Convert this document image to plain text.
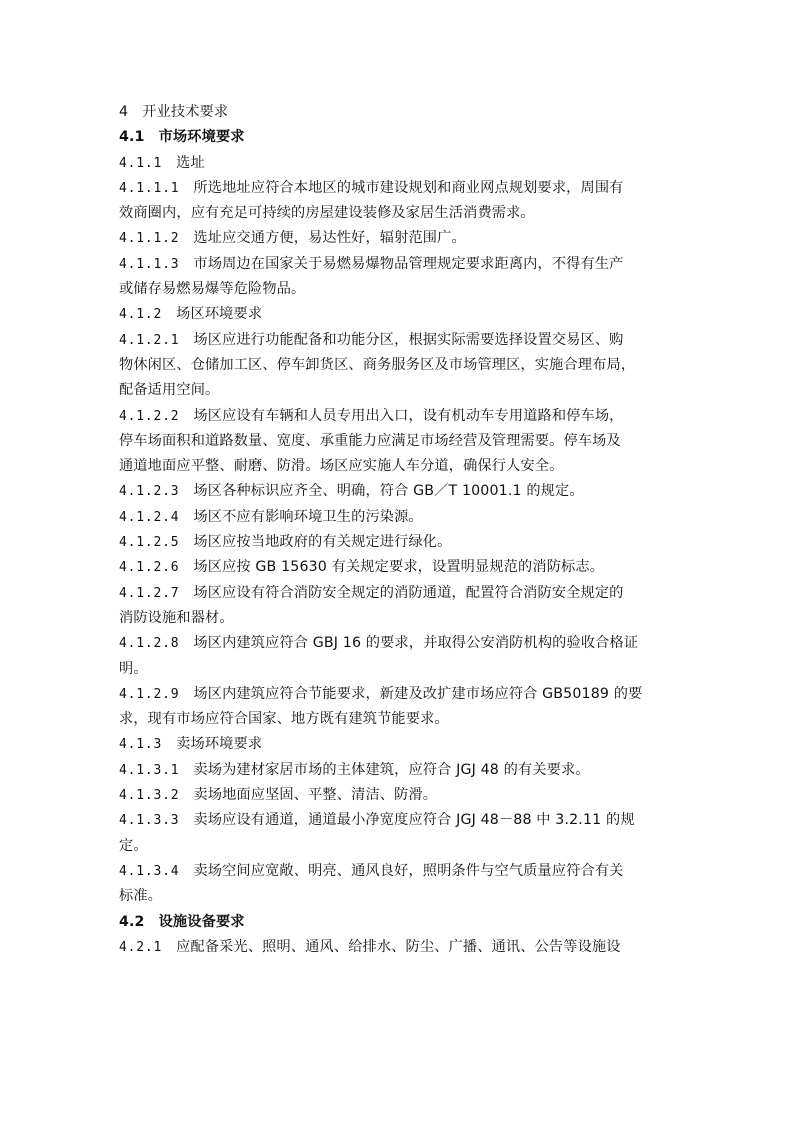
4 开业技术要求

4.1 市场环境要求

4.1.1 选址

4.1.1.1 所选地址应符合本地区的城市建设规划和商业网点规划要求，周围有

效商圈内，应有充足可持续的房屋建设装修及家居生活消费需求。

4.1.1.2 选址应交通方便，易达性好，辐射范围广。

4.1.1.3 市场周边在国家关于易燃易爆物品管理规定要求距离内，不得有生产

或储存易燃易爆等危险物品。

4.1.2 场区环境要求

4.1.2.1 场区应进行功能配备和功能分区，根据实际需要选择设置交易区、购

物休闲区、仓储加工区、停车卸货区、商务服务区及市场管理区，实施合理布局，

配备适用空间。

4.1.2.2 场区应设有车辆和人员专用出入口，设有机动车专用道路和停车场，

停车场面积和道路数量、宽度、承重能力应满足市场经营及管理需要。停车场及

通道地面应平整、耐磨、防滑。场区应实施人车分道，确保行人安全。

4.1.2.3 场区各种标识应齐全、明确，符合 GB／T 10001.1 的规定。

4.1.2.4 场区不应有影响环境卫生的污染源。

4.1.2.5 场区应按当地政府的有关规定进行绿化。

4.1.2.6 场区应按 GB 15630 有关规定要求，设置明显规范的消防标志。

4.1.2.7 场区应设有符合消防安全规定的消防通道，配置符合消防安全规定的

消防设施和器材。

4.1.2.8 场区内建筑应符合 GBJ 16 的要求，并取得公安消防机构的验收合格证

明。

4.1.2.9 场区内建筑应符合节能要求，新建及改扩建市场应符合 GB50189 的要

求，现有市场应符合国家、地方既有建筑节能要求。

4.1.3 卖场环境要求

4.1.3.1 卖场为建材家居市场的主体建筑，应符合 JGJ 48 的有关要求。

4.1.3.2 卖场地面应坚固、平整、清洁、防滑。

4.1.3.3 卖场应设有通道，通道最小净宽度应符合 JGJ 48－88 中 3.2.11 的规

定。

4.1.3.4 卖场空间应宽敞、明亮、通风良好，照明条件与空气质量应符合有关

标准。

4.2 设施设备要求

4.2.1 应配备采光、照明、通风、给排水、防尘、广播、通讯、公告等设施设
